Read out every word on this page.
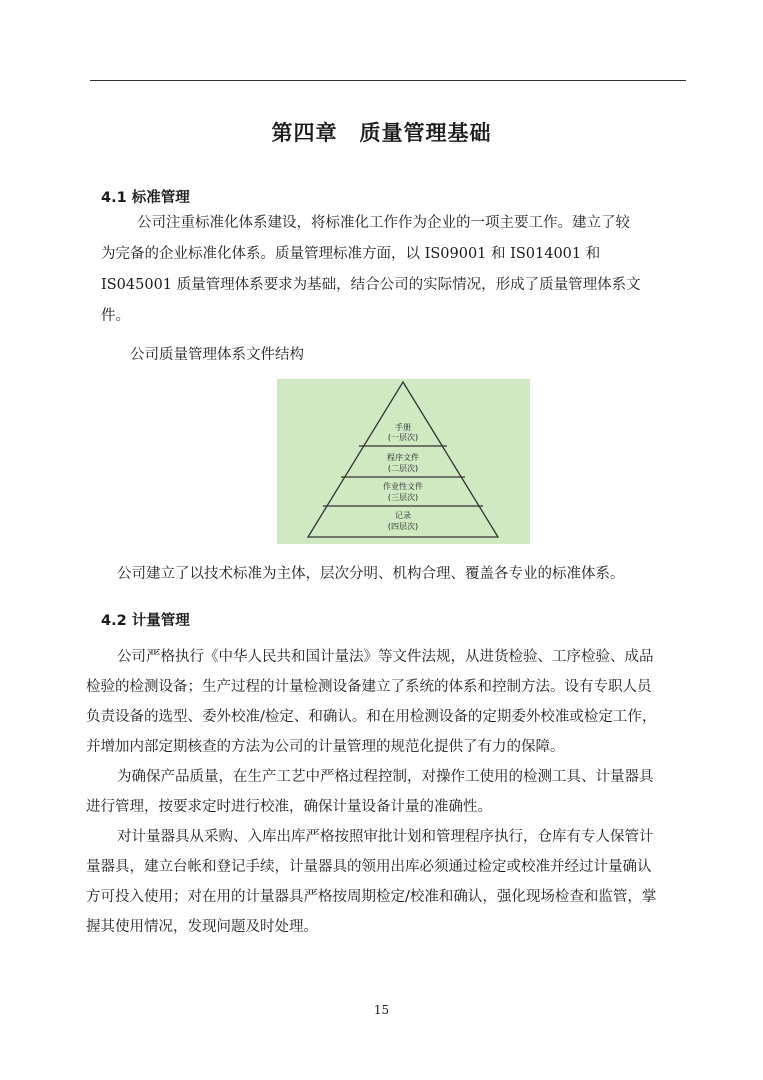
第四章　质量管理基础
4.1 标准管理
公司注重标准化体系建设，将标准化工作作为企业的一项主要工作。建立了较
为完备的企业标准化体系。质量管理标准方面，以 IS09001 和 IS014001 和
IS045001 质量管理体系要求为基础，结合公司的实际情况，形成了质量管理体系文
件。
公司质量管理体系文件结构
手册
(一层次)
程序文件
(二层次)
作业性文件
(三层次)
记录
(四层次)
公司建立了以技术标准为主体，层次分明、机构合理、覆盖各专业的标准体系。
4.2 计量管理
公司严格执行《中华人民共和国计量法》等文件法规，从进货检验、工序检验、成品
检验的检测设备；生产过程的计量检测设备建立了系统的体系和控制方法。设有专职人员
负责设备的选型、委外校准/检定、和确认。和在用检测设备的定期委外校准或检定工作，
并增加内部定期核查的方法为公司的计量管理的规范化提供了有力的保障。
为确保产品质量，在生产工艺中严格过程控制，对操作工使用的检测工具、计量器具
进行管理，按要求定时进行校准，确保计量设备计量的准确性。
对计量器具从采购、入库出库严格按照审批计划和管理程序执行，仓库有专人保管计
量器具，建立台帐和登记手续，计量器具的领用出库必须通过检定或校准并经过计量确认
方可投入使用；对在用的计量器具严格按周期检定/校准和确认，强化现场检查和监管，掌
握其使用情况，发现问题及时处理。
15
